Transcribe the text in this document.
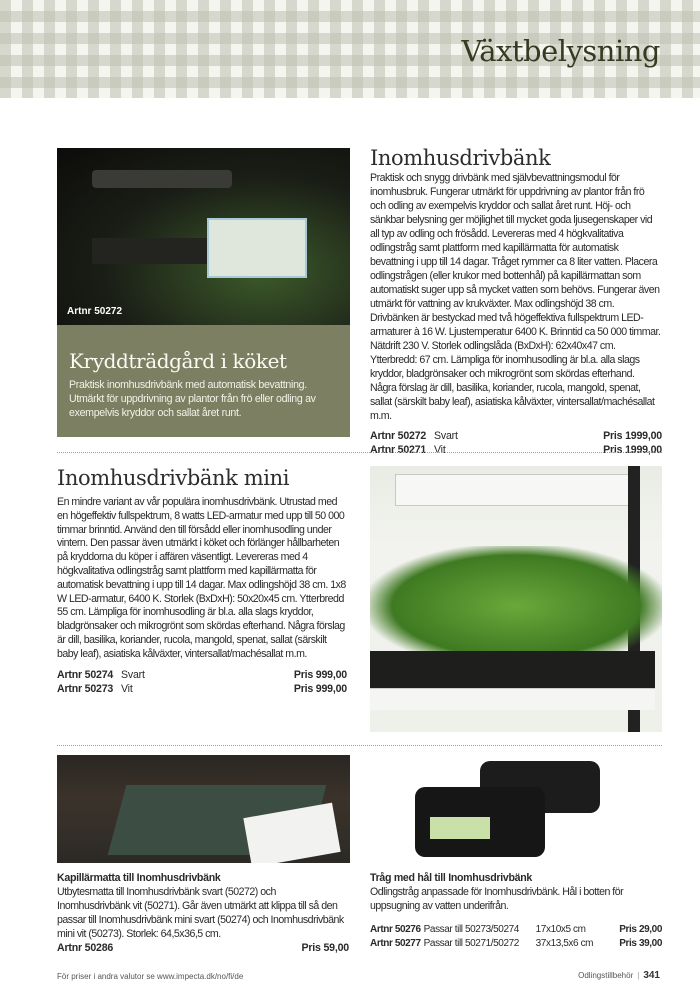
Växtbelysning
Artnr 50272
Kryddträdgård i köket
Praktisk inomhusdrivbänk med automatisk bevattning. Utmärkt för uppdrivning av plantor från frö eller odling av exempelvis kryddor och sallat året runt.
Inomhusdrivbänk
Praktisk och snygg drivbänk med självbevattningsmodul för inomhusbruk. Fungerar utmärkt för uppdrivning av plantor från frö och odling av exempelvis kryddor och sallat året runt. Höj- och sänkbar belysning ger möjlighet till mycket goda ljusegenskaper vid all typ av odling och frösådd. Levereras med 4 högkvalitativa odlingstråg samt plattform med kapillärmatta för automatisk bevattning i upp till 14 dagar. Tråget rymmer ca 8 liter vatten. Placera odlingstrågen (eller krukor med bottenhål) på kapillärmattan som automatiskt suger upp så mycket vatten som behövs. Fungerar även utmärkt för vattning av krukväxter. Max odlingshöjd 38 cm. Drivbänken är bestyckad med två högeffektiva fullspektrum LED-armaturer à 16 W. Ljustemperatur 6400 K. Brinntid ca 50 000 timmar. Nätdrift 230 V. Storlek odlingslåda (BxDxH): 62x40x47 cm. Ytterbredd: 67 cm. Lämpliga för inomhusodling är bl.a. alla slags kryddor, bladgrönsaker och mikrogrönt som skördas efterhand. Några förslag är dill, basilika, koriander, rucola, mangold, spenat, sallat (särskilt baby leaf), asiatiska kålväxter, vintersallat/machésallat m.m.
Artnr 50272 Svart	Pris 1999,00
Artnr 50271 Vit	Pris 1999,00
Inomhusdrivbänk mini
En mindre variant av vår populära inomhusdrivbänk. Utrustad med en högeffektiv fullspektrum, 8 watts LED-armatur med upp till 50 000 timmar brinntid. Använd den till försådd eller inomhusodling under vintern. Den passar även utmärkt i köket och förlänger hållbarheten på kryddorna du köper i affären väsentligt. Levereras med 4 högkvalitativa odlingstråg samt plattform med kapillärmatta för automatisk bevattning i upp till 14 dagar. Max odlingshöjd 38 cm. 1x8 W LED-armatur, 6400 K. Storlek (BxDxH): 50x20x45 cm. Ytterbredd 55 cm. Lämpliga för inomhusodling är bl.a. alla slags kryddor, bladgrönsaker och mikrogrönt som skördas efterhand. Några förslag är dill, basilika, koriander, rucola, mangold, spenat, sallat (särskilt baby leaf), asiatiska kålväxter, vintersallat/machésallat m.m.
Artnr 50274 Svart	Pris 999,00
Artnr 50273 Vit	Pris 999,00
Kapillärmatta till Inomhusdrivbänk
Utbytesmatta till Inomhusdrivbänk svart (50272) och Inomhusdrivbänk vit (50271). Går även utmärkt att klippa till så den passar till Inomhusdrivbänk mini svart (50274) och Inomhusdrivbänk mini vit (50273). Storlek: 64,5x36,5 cm.
Artnr 50286	Pris 59,00
Tråg med hål till Inomhusdrivbänk
Odlingstråg anpassade för Inomhusdrivbänk. Hål i botten för uppsugning av vatten underifrån.
Artnr 50276 Passar till 50273/50274	17x10x5 cm	Pris 29,00
Artnr 50277 Passar till 50271/50272	37x13,5x6 cm	Pris 39,00
För priser i andra valutor se www.impecta.dk/no/fi/de	Odlingstillbehör | 341
